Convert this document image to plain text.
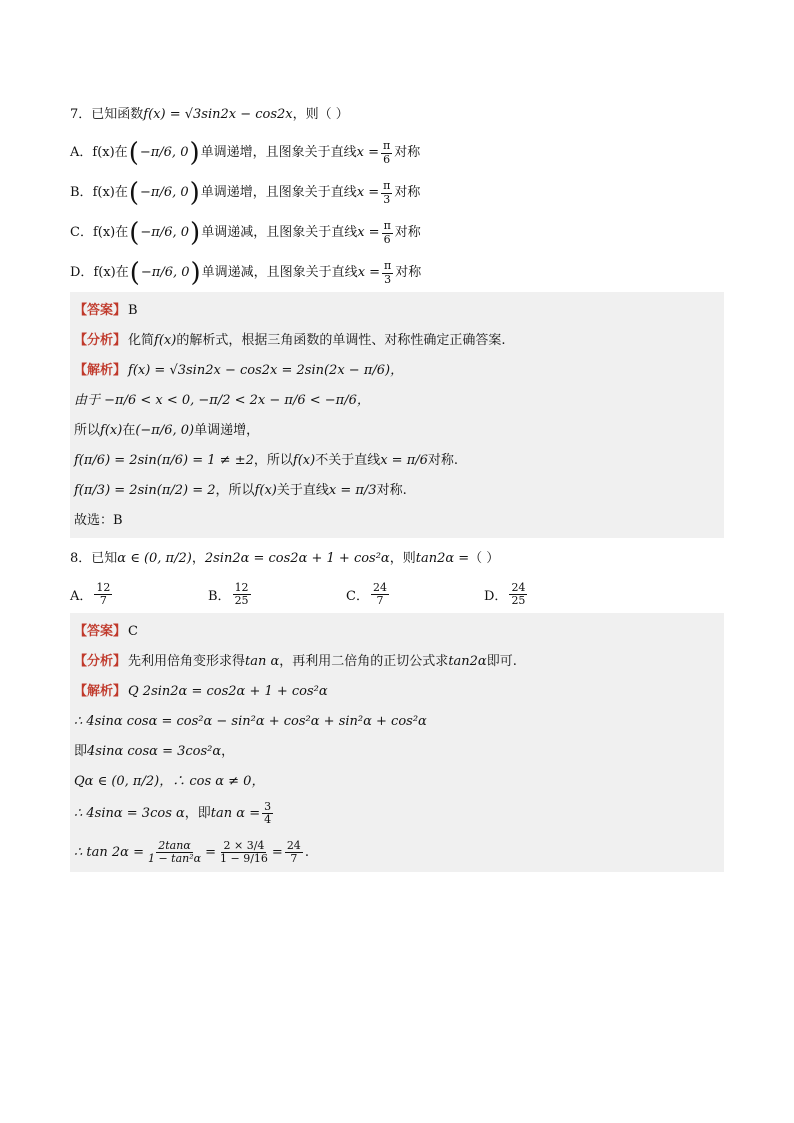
7．已知函数 f(x) = √3sin2x − cos2x ，则（ ）
A． f(x)在 ( −π/6, 0 ) 单调递增，且图象关于直线 $x = \frac{\pi}{6}$ 对称
B． f(x)在 ( −π/6, 0 ) 单调递增，且图象关于直线 $x = \frac{\pi}{3}$ 对称
C． f(x)在 ( −π/6, 0 ) 单调递减，且图象关于直线 $x = \frac{\pi}{6}$ 对称
D． f(x)在 ( −π/6, 0 ) 单调递减，且图象关于直线 $x = \frac{\pi}{3}$ 对称
【答案】 B
【分析】 化简 f(x) 的解析式，根据三角函数的单调性、对称性确定正确答案.
【解析】 f(x) = √3sin2x − cos2x = 2sin(2x − π/6)，
由于 −π/6 < x < 0, −π/2 < 2x − π/6 < −π/6，
所以 f(x) 在 (−π/6, 0) 单调递增，
f(π/6) = 2sin(π/6) = 1 ≠ ±2 ，所以 f(x) 不关于直线 x = π/6 对称.
f(π/3) = 2sin(π/2) = 2 ，所以 f(x) 关于直线 x = π/3 对称.
故选：B
8．已知 α ∈ (0, π/2) ， 2sin2α = cos2α + 1 + cos²α ，则 tan2α = （ ）
A． $\frac{12}{7}$	B． $\frac{12}{25}$	C． $\frac{24}{7}$	D． $\frac{24}{25}$
【答案】 C
【分析】 先利用倍角变形求得 tan α ，再利用二倍角的正切公式求 tan2α 即可.
【解析】 Q 2sin2α = cos2α + 1 + cos²α
∴ 4sinα cosα = cos²α − sin²α + cos²α + sin²α + cos²α
即 4sinα cosα = 3cos²α ，
Qα ∈ (0, π/2)，∴ cos α ≠ 0，
∴ 4sinα = 3cos α ，即 $\tan \alpha = \frac{3}{4}$
∴ $\tan 2\alpha = \frac{2\tan\alpha}{\text{1 − tan²α}} = \frac{2 \times 3/4}{1 - 9/16} = \frac{24}{7}$ .
